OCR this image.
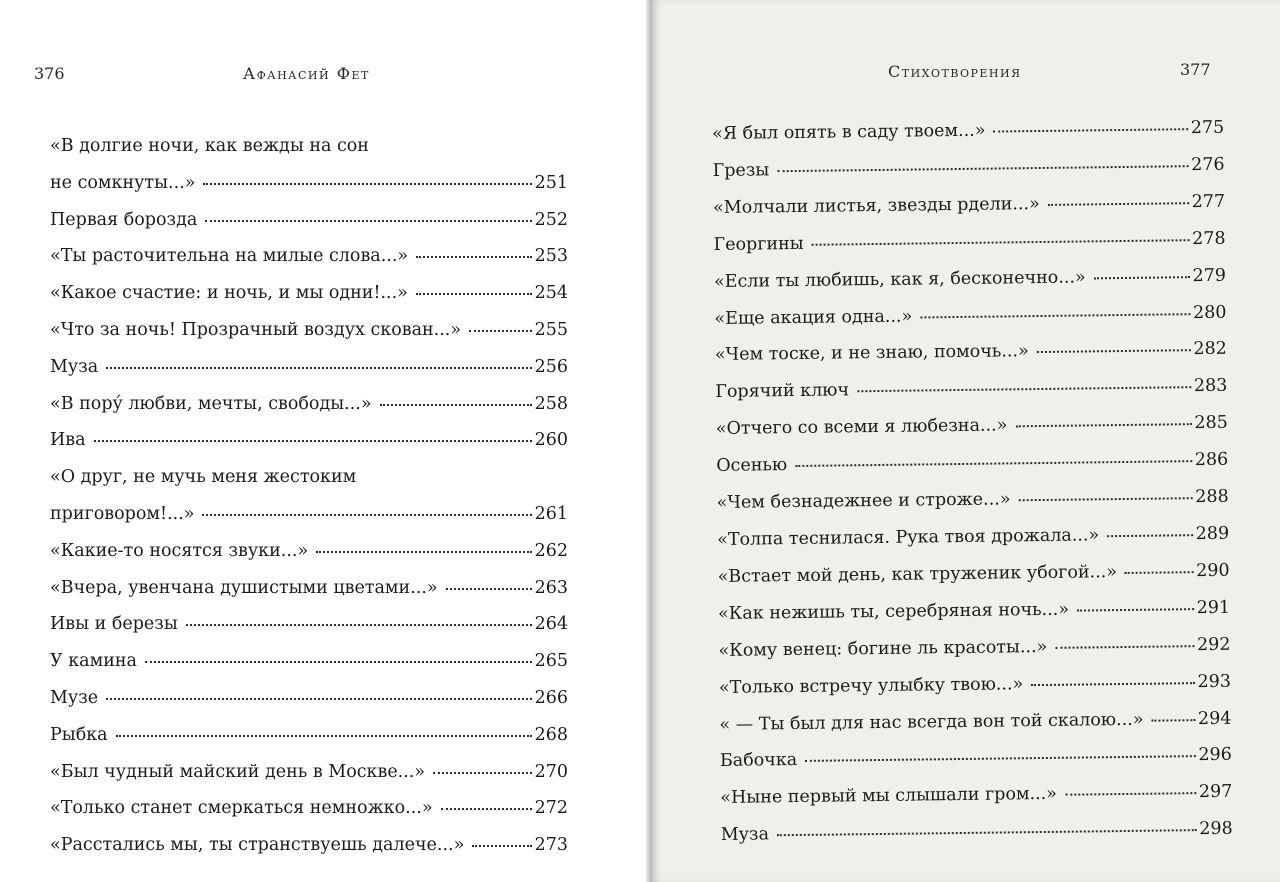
376	Афанасий Фет
«В долгие ночи, как вежды на сон
не сомкнуты...»	251
Первая борозда	252
«Ты расточительна на милые слова...»	253
«Какое счастие: и ночь, и мы одни!...»	254
«Что за ночь! Прозрачный воздух скован...»	255
Муза	256
«В пору́ любви, мечты, свободы...»	258
Ива	260
«О друг, не мучь меня жестоким
приговором!...»	261
«Какие-то носятся звуки...»	262
«Вчера, увенчана душистыми цветами...»	263
Ивы и березы	264
У камина	265
Музе	266
Рыбка	268
«Был чудный майский день в Москве...»	270
«Только станет смеркаться немножко...»	272
«Расстались мы, ты странствуешь далече...»	273
Стихотворения	377
«Я был опять в саду твоем...»	275
Грезы	276
«Молчали листья, звезды рдели...»	277
Георгины	278
«Если ты любишь, как я, бесконечно...»	279
«Еще акация одна...»	280
«Чем тоске, и не знаю, помочь...»	282
Горячий ключ	283
«Отчего со всеми я любезна...»	285
Осенью	286
«Чем безнадежнее и строже...»	288
«Толпа теснилася. Рука твоя дрожала...»	289
«Встает мой день, как труженик убогой...»	290
«Как нежишь ты, серебряная ночь...»	291
«Кому венец: богине ль красоты...»	292
«Только встречу улыбку твою...»	293
« — Ты был для нас всегда вон той скалою...»	294
Бабочка	296
«Ныне первый мы слышали гром...»	297
Муза	298
